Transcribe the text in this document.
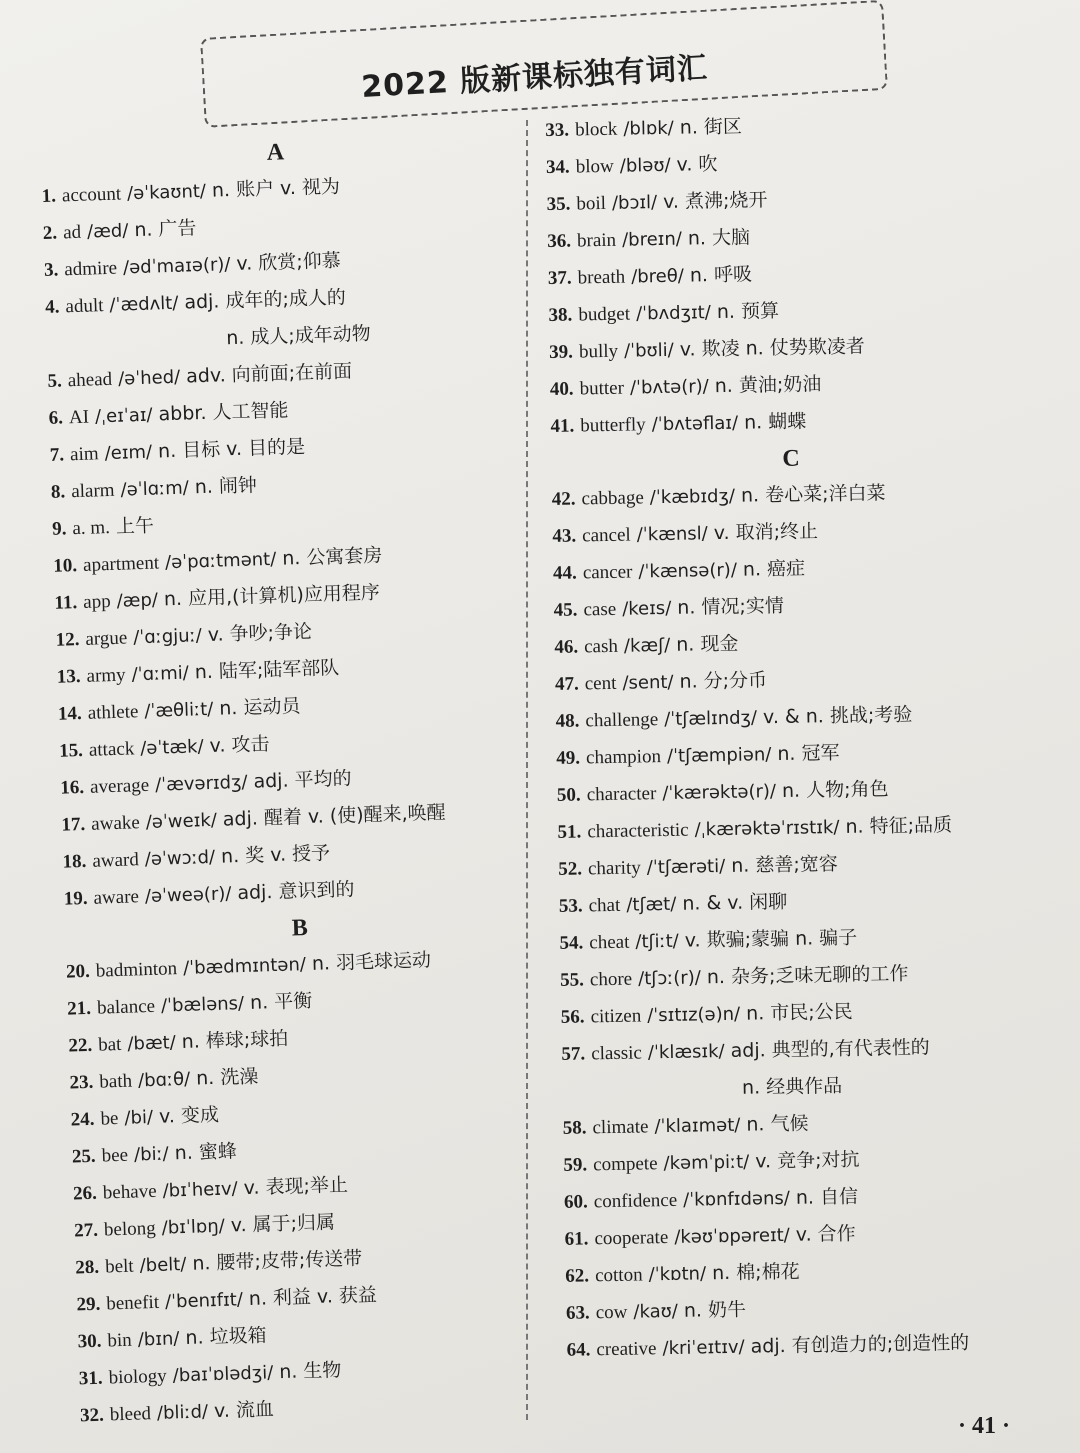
2022 版新课标独有词汇
A
1. account /əˈkaʊnt/ n. 账户 v. 视为
2. ad /æd/ n. 广告
3. admire /ədˈmaɪə(r)/ v. 欣赏;仰慕
4. adult /ˈædʌlt/ adj. 成年的;成人的
n. 成人;成年动物
5. ahead /əˈhed/ adv. 向前面;在前面
6. AI /ˌeɪˈaɪ/ abbr. 人工智能
7. aim /eɪm/ n. 目标 v. 目的是
8. alarm /əˈlɑːm/ n. 闹钟
9. a. m. 上午
10. apartment /əˈpɑːtmənt/ n. 公寓套房
11. app /æp/ n. 应用,(计算机)应用程序
12. argue /ˈɑːgjuː/ v. 争吵;争论
13. army /ˈɑːmi/ n. 陆军;陆军部队
14. athlete /ˈæθliːt/ n. 运动员
15. attack /əˈtæk/ v. 攻击
16. average /ˈævərɪdʒ/ adj. 平均的
17. awake /əˈweɪk/ adj. 醒着 v. (使)醒来,唤醒
18. award /əˈwɔːd/ n. 奖 v. 授予
19. aware /əˈweə(r)/ adj. 意识到的
B
20. badminton /ˈbædmɪntən/ n. 羽毛球运动
21. balance /ˈbæləns/ n. 平衡
22. bat /bæt/ n. 棒球;球拍
23. bath /bɑːθ/ n. 洗澡
24. be /bi/ v. 变成
25. bee /biː/ n. 蜜蜂
26. behave /bɪˈheɪv/ v. 表现;举止
27. belong /bɪˈlɒŋ/ v. 属于;归属
28. belt /belt/ n. 腰带;皮带;传送带
29. benefit /ˈbenɪfɪt/ n. 利益 v. 获益
30. bin /bɪn/ n. 垃圾箱
31. biology /baɪˈɒlədʒi/ n. 生物
32. bleed /bliːd/ v. 流血
33. block /blɒk/ n. 街区
34. blow /bləʊ/ v. 吹
35. boil /bɔɪl/ v. 煮沸;烧开
36. brain /breɪn/ n. 大脑
37. breath /breθ/ n. 呼吸
38. budget /ˈbʌdʒɪt/ n. 预算
39. bully /ˈbʊli/ v. 欺凌 n. 仗势欺凌者
40. butter /ˈbʌtə(r)/ n. 黄油;奶油
41. butterfly /ˈbʌtəflaɪ/ n. 蝴蝶
C
42. cabbage /ˈkæbɪdʒ/ n. 卷心菜;洋白菜
43. cancel /ˈkænsl/ v. 取消;终止
44. cancer /ˈkænsə(r)/ n. 癌症
45. case /keɪs/ n. 情况;实情
46. cash /kæʃ/ n. 现金
47. cent /sent/ n. 分;分币
48. challenge /ˈtʃælɪndʒ/ v. & n. 挑战;考验
49. champion /ˈtʃæmpiən/ n. 冠军
50. character /ˈkærəktə(r)/ n. 人物;角色
51. characteristic /ˌkærəktəˈrɪstɪk/ n. 特征;品质
52. charity /ˈtʃærəti/ n. 慈善;宽容
53. chat /tʃæt/ n. & v. 闲聊
54. cheat /tʃiːt/ v. 欺骗;蒙骗 n. 骗子
55. chore /tʃɔː(r)/ n. 杂务;乏味无聊的工作
56. citizen /ˈsɪtɪz(ə)n/ n. 市民;公民
57. classic /ˈklæsɪk/ adj. 典型的,有代表性的
n. 经典作品
58. climate /ˈklaɪmət/ n. 气候
59. compete /kəmˈpiːt/ v. 竞争;对抗
60. confidence /ˈkɒnfɪdəns/ n. 自信
61. cooperate /kəʊˈɒpəreɪt/ v. 合作
62. cotton /ˈkɒtn/ n. 棉;棉花
63. cow /kaʊ/ n. 奶牛
64. creative /kriˈeɪtɪv/ adj. 有创造力的;创造性的
· 41 ·
